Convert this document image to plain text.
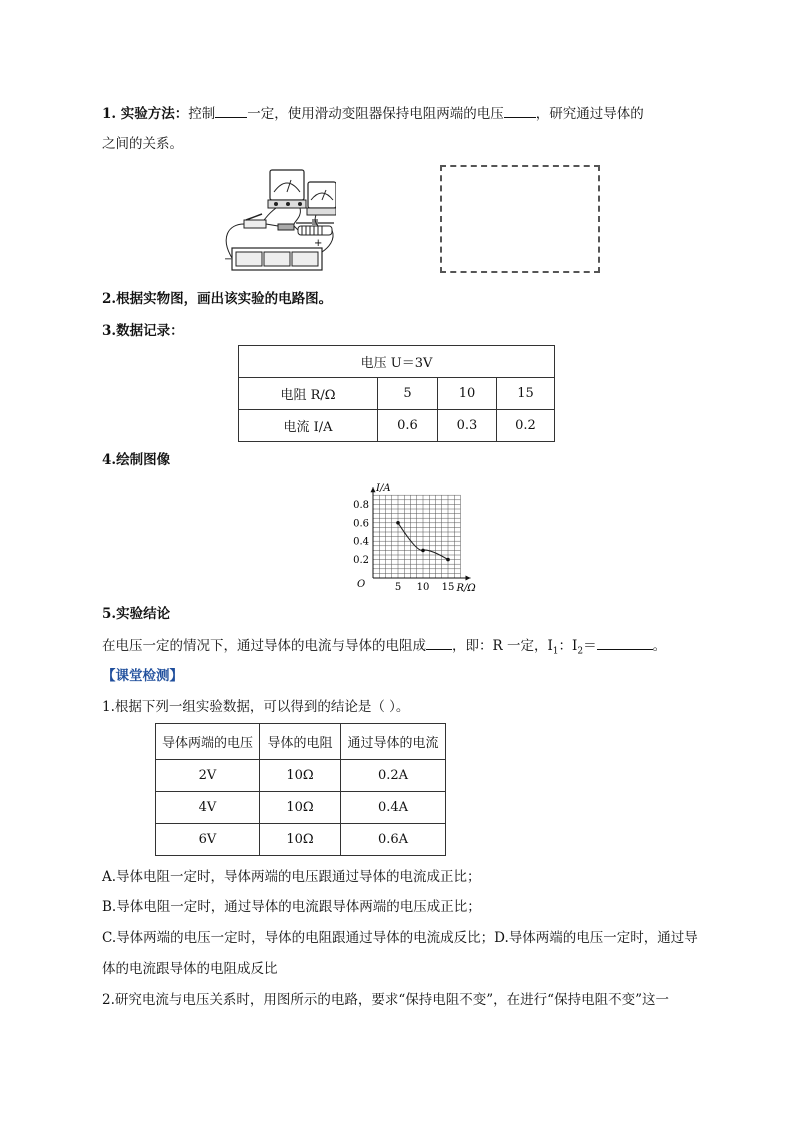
1. 实验方法：控制 一定，使用滑动变阻器保持电阻两端的电压 ，研究通过导体的
之间的关系。
−
+
2.根据实物图，画出该实验的电路图。
3.数据记录：
电压 U＝3V			
电阻 R/Ω	5	10	15
电流 I/A	0.6	0.3	0.2
4.绘制图像
5 10 15
0.2
0.4
0.6
0.8
I/A
R/Ω
O
5.实验结论
在电压一定的情况下，通过导体的电流与导体的电阻成 ，即：R 一定，$I_1$：$I_2=$	。
【课堂检测】
1.根据下列一组实验数据，可以得到的结论是（ ）。
导体两端的电压	导体的电阻	通过导体的电流
2V	10Ω	0.2A
4V	10Ω	0.4A
6V	10Ω	0.6A
A.导体电阻一定时，导体两端的电压跟通过导体的电流成正比；
B.导体电阻一定时，通过导体的电流跟导体两端的电压成正比；
C.导体两端的电压一定时，导体的电阻跟通过导体的电流成反比；D.导体两端的电压一定时，通过导
体的电流跟导体的电阻成反比
2.研究电流与电压关系时，用图所示的电路，要求“保持电阻不变”，在进行“保持电阻不变”这一
